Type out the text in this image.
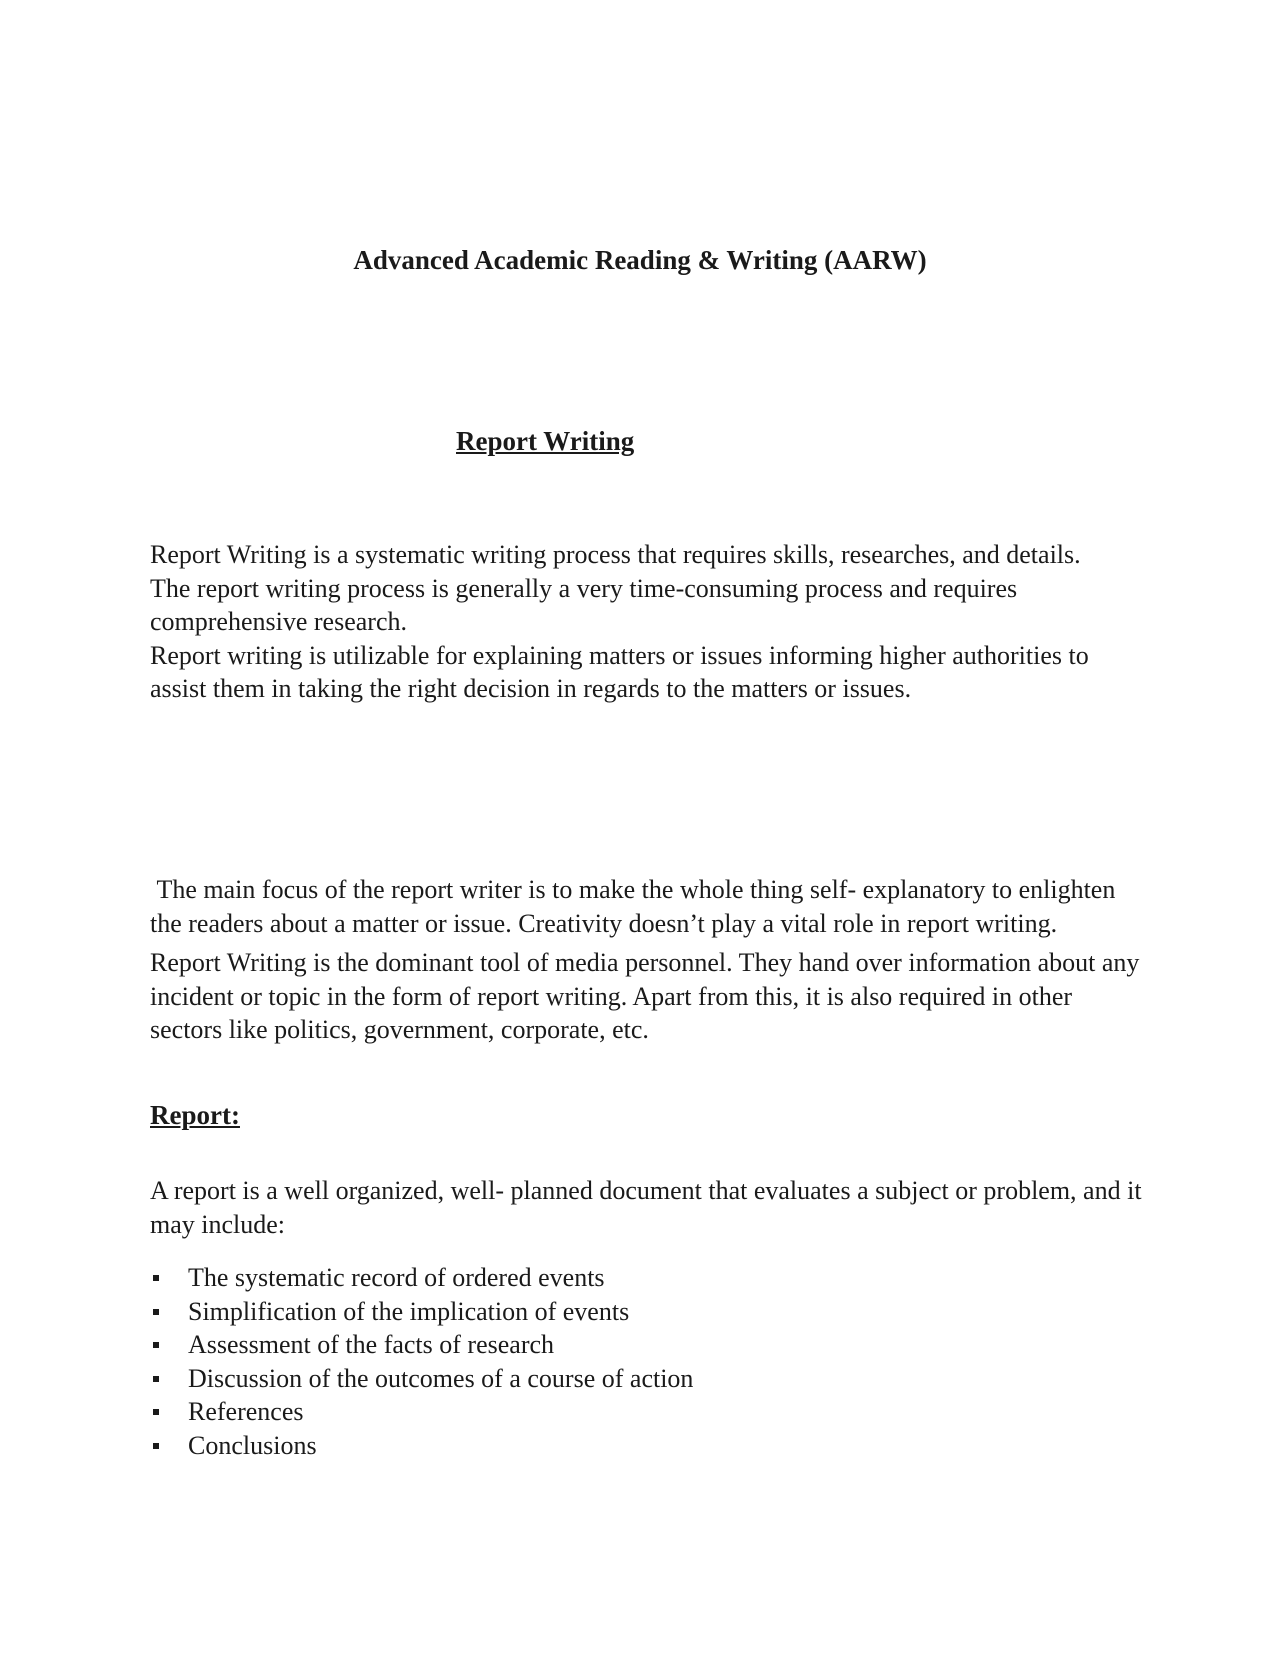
Advanced Academic Reading & Writing (AARW)
Report Writing

Report Writing is a systematic writing process that requires skills, researches, and details.

The report writing process is generally a very time-consuming process and requires comprehensive research.

Report writing is utilizable for explaining matters or issues informing higher authorities to assist them in taking the right decision in regards to the matters or issues.

The main focus of the report writer is to make the whole thing self- explanatory to enlighten the readers about a matter or issue. Creativity doesn’t play a vital role in report writing.

Report Writing is the dominant tool of media personnel. They hand over information about any incident or topic in the form of report writing. Apart from this, it is also required in other sectors like politics, government, corporate, etc.

Report:

A report is a well organized, well- planned document that evaluates a subject or problem, and it may include:

The systematic record of ordered events
Simplification of the implication of events
Assessment of the facts of research
Discussion of the outcomes of a course of action
References
Conclusions
